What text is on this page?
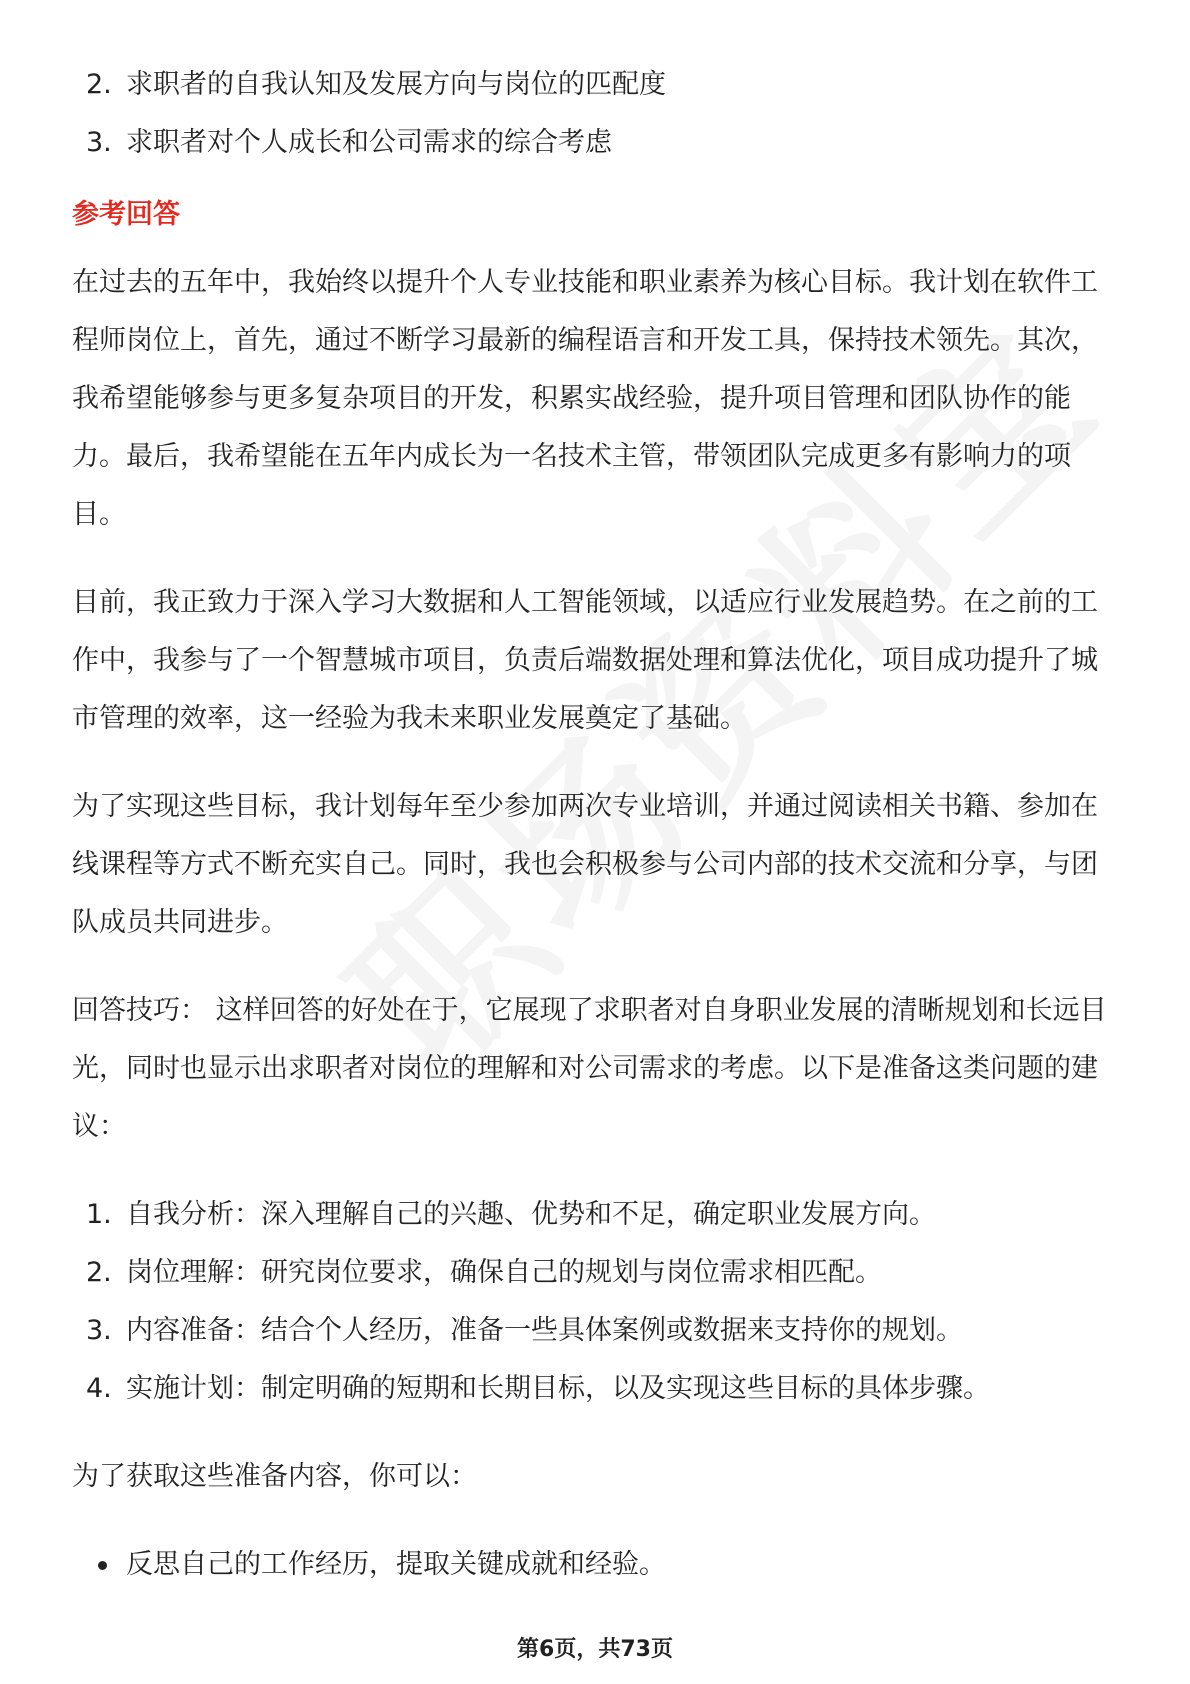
2. 求职者的自我认知及发展方向与岗位的匹配度
3. 求职者对个人成长和公司需求的综合考虑
参考回答

在过去的五年中，我始终以提升个人专业技能和职业素养为核心目标。我计划在软件工程师岗位上，首先，通过不断学习最新的编程语言和开发工具，保持技术领先。其次，我希望能够参与更多复杂项目的开发，积累实战经验，提升项目管理和团队协作的能力。最后，我希望能在五年内成长为一名技术主管，带领团队完成更多有影响力的项目。

目前，我正致力于深入学习大数据和人工智能领域，以适应行业发展趋势。在之前的工作中，我参与了一个智慧城市项目，负责后端数据处理和算法优化，项目成功提升了城市管理的效率，这一经验为我未来职业发展奠定了基础。

为了实现这些目标，我计划每年至少参加两次专业培训，并通过阅读相关书籍、参加在线课程等方式不断充实自己。同时，我也会积极参与公司内部的技术交流和分享，与团队成员共同进步。

回答技巧： 这样回答的好处在于，它展现了求职者对自身职业发展的清晰规划和长远目光，同时也显示出求职者对岗位的理解和对公司需求的考虑。以下是准备这类问题的建议：

1. 自我分析：深入理解自己的兴趣、优势和不足，确定职业发展方向。
2. 岗位理解：研究岗位要求，确保自己的规划与岗位需求相匹配。
3. 内容准备：结合个人经历，准备一些具体案例或数据来支持你的规划。
4. 实施计划：制定明确的短期和长期目标，以及实现这些目标的具体步骤。

为了获取这些准备内容，你可以：

反思自己的工作经历，提取关键成就和经验。
第6页，共73页
